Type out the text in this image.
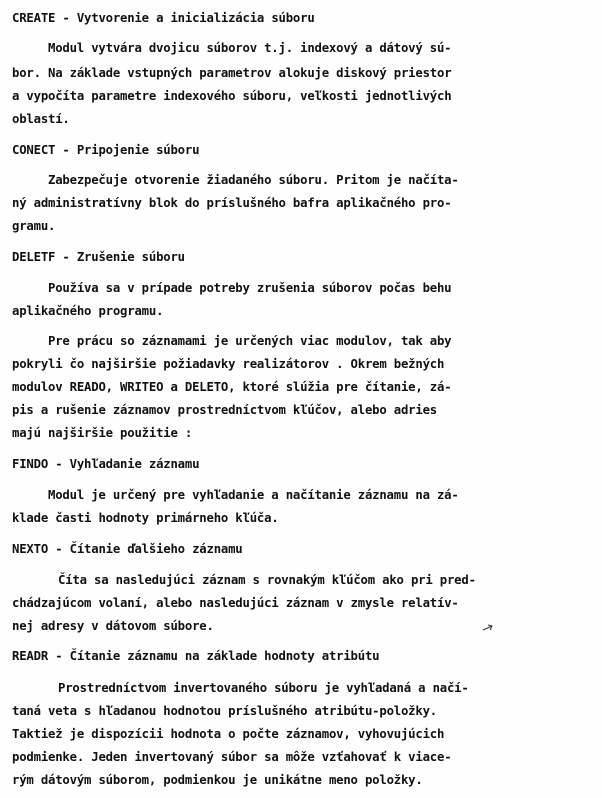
CREATE - Vytvorenie a inicializácia súboru
Modul vytvára dvojicu súborov t.j. indexový a dátový sú-
bor. Na základe vstupných parametrov alokuje diskový priestor
a vypočíta parametre indexového súboru, veľkosti jednotlivých
oblastí.
CONECT - Pripojenie súboru
Zabezpečuje otvorenie žiadaného súboru. Pritom je načíta-
ný administratívny blok do príslušného bafra aplikačného pro-
gramu.
DELETF - Zrušenie súboru
Používa sa v prípade potreby zrušenia súborov počas behu
aplikačného programu.
Pre prácu so záznamami je určených viac modulov, tak aby
pokryli čo najširšie požiadavky realizátorov . Okrem bežných
modulov READO, WRITEO a DELETO, ktoré slúžia pre čítanie, zá-
pis a rušenie záznamov prostredníctvom kľúčov, alebo adries
majú najširšie použitie :
FINDO - Vyhľadanie záznamu
Modul je určený pre vyhľadanie a načítanie záznamu na zá-
klade časti hodnoty primárneho kľúča.
NEXTO - Čítanie ďalšieho záznamu
Číta sa nasledujúci záznam s rovnakým kľúčom ako pri pred-
chádzajúcom volaní, alebo nasledujúci záznam v zmysle relatív-
nej adresy v dátovom súbore.
READR - Čítanie záznamu na základe hodnoty atribútu
Prostredníctvom invertovaného súboru je vyhľadaná a načí-
taná veta s hľadanou hodnotou príslušného atribútu-položky.
Taktiež je dispozícii hodnota o počte záznamov, vyhovujúcich
podmienke. Jeden invertovaný súbor sa môže vzťahovať k viace-
rým dátovým súborom, podmienkou je unikátne meno položky.
